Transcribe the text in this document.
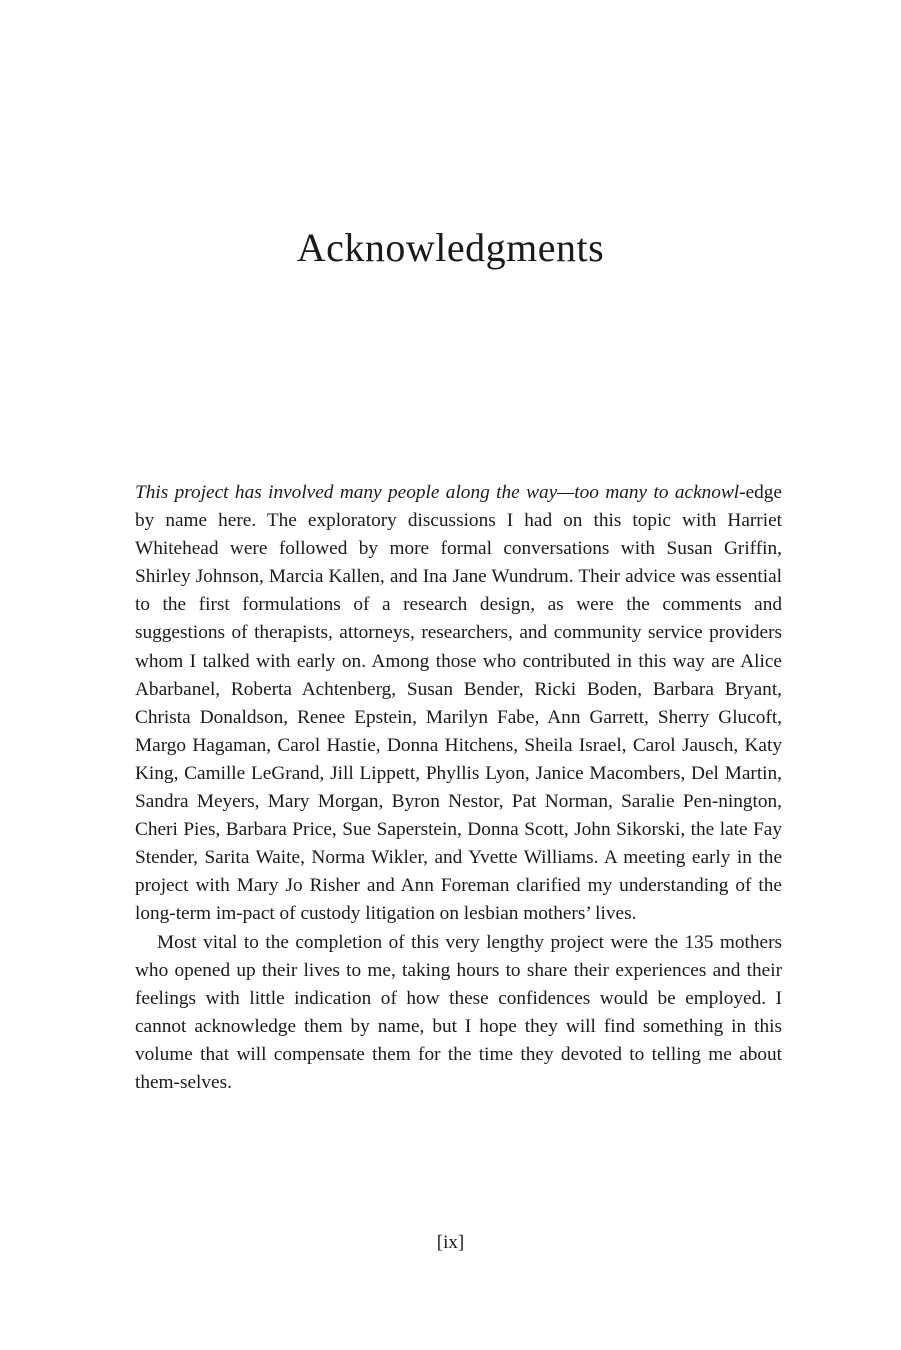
Acknowledgments

This project has involved many people along the way—too many to acknowl-edge by name here. The exploratory discussions I had on this topic with Harriet Whitehead were followed by more formal conversations with Susan Griffin, Shirley Johnson, Marcia Kallen, and Ina Jane Wundrum. Their advice was essential to the first formulations of a research design, as were the comments and suggestions of therapists, attorneys, researchers, and community service providers whom I talked with early on. Among those who contributed in this way are Alice Abarbanel, Roberta Achtenberg, Susan Bender, Ricki Boden, Barbara Bryant, Christa Donaldson, Renee Epstein, Marilyn Fabe, Ann Garrett, Sherry Glucoft, Margo Hagaman, Carol Hastie, Donna Hitchens, Sheila Israel, Carol Jausch, Katy King, Camille LeGrand, Jill Lippett, Phyllis Lyon, Janice Macombers, Del Martin, Sandra Meyers, Mary Morgan, Byron Nestor, Pat Norman, Saralie Pen-nington, Cheri Pies, Barbara Price, Sue Saperstein, Donna Scott, John Sikorski, the late Fay Stender, Sarita Waite, Norma Wikler, and Yvette Williams. A meeting early in the project with Mary Jo Risher and Ann Foreman clarified my understanding of the long-term im-pact of custody litigation on lesbian mothers’ lives.

Most vital to the completion of this very lengthy project were the 135 mothers who opened up their lives to me, taking hours to share their experiences and their feelings with little indication of how these confidences would be employed. I cannot acknowledge them by name, but I hope they will find something in this volume that will compensate them for the time they devoted to telling me about them-selves.

[ix]
